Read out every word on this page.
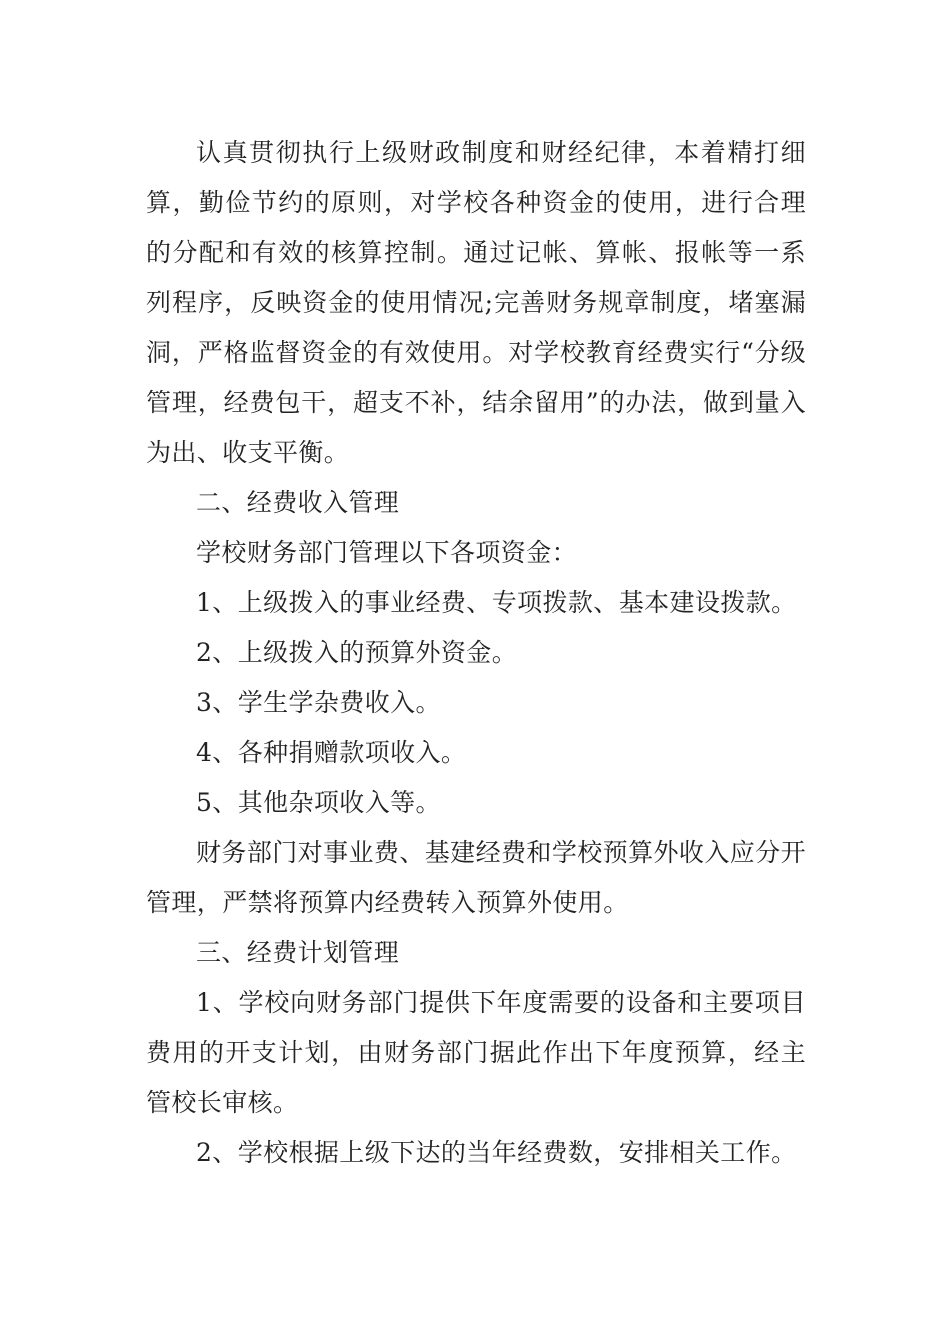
认真贯彻执行上级财政制度和财经纪律，本着精打细算，勤俭节约的原则，对学校各种资金的使用，进行合理的分配和有效的核算控制。通过记帐、算帐、报帐等一系列程序，反映资金的使用情况;完善财务规章制度，堵塞漏洞，严格监督资金的有效使用。对学校教育经费实行“分级管理，经费包干，超支不补，结余留用”的办法，做到量入为出、收支平衡。

二、经费收入管理

学校财务部门管理以下各项资金：

1、上级拨入的事业经费、专项拨款、基本建设拨款。

2、上级拨入的预算外资金。

3、学生学杂费收入。

4、各种捐赠款项收入。

5、其他杂项收入等。

财务部门对事业费、基建经费和学校预算外收入应分开管理，严禁将预算内经费转入预算外使用。

三、经费计划管理

1、学校向财务部门提供下年度需要的设备和主要项目费用的开支计划，由财务部门据此作出下年度预算，经主管校长审核。

2、学校根据上级下达的当年经费数，安排相关工作。
